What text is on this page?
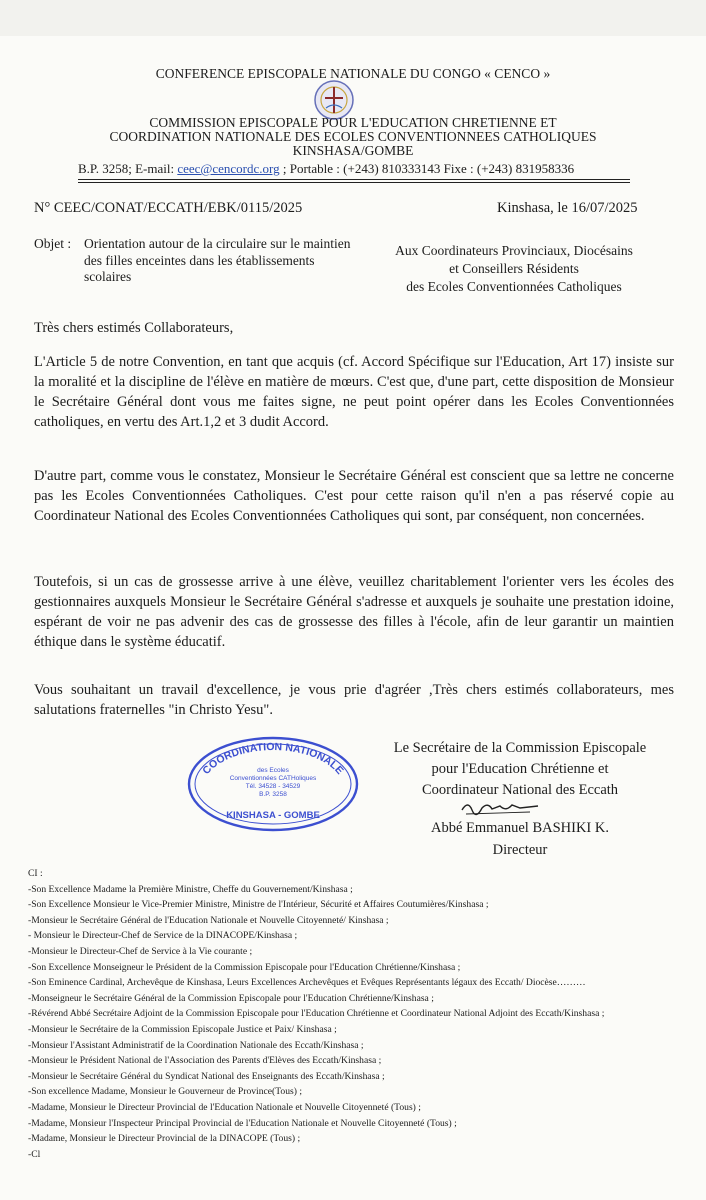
CONFERENCE EPISCOPALE NATIONALE DU CONGO « CENCO »
COMMISSION EPISCOPALE POUR L'EDUCATION CHRETIENNE ET
COORDINATION NATIONALE DES ECOLES CONVENTIONNEES CATHOLIQUES
KINSHASA/GOMBE
B.P. 3258; E-mail: ceec@cencordc.org ; Portable : (+243) 810333143 Fixe : (+243) 831958336
N° CEEC/CONAT/ECCATH/EBK/0115/2025	Kinshasa, le 16/07/2025
Objet : Orientation autour de la circulaire sur le maintien des filles enceintes dans les établissements scolaires
Aux Coordinateurs Provinciaux, Diocésains
et Conseillers Résidents
des Ecoles Conventionnées Catholiques
Très chers estimés Collaborateurs,
L'Article 5 de notre Convention, en tant que acquis (cf. Accord Spécifique sur l'Education, Art 17) insiste sur la moralité et la discipline de l'élève en matière de mœurs. C'est que, d'une part, cette disposition de Monsieur le Secrétaire Général dont vous me faites signe, ne peut point opérer dans les Ecoles Conventionnées catholiques, en vertu des Art.1,2 et 3 dudit Accord.
D'autre part, comme vous le constatez, Monsieur le Secrétaire Général est conscient que sa lettre ne concerne pas les Ecoles Conventionnées Catholiques. C'est pour cette raison qu'il n'en a pas réservé copie au Coordinateur National des Ecoles Conventionnées Catholiques qui sont, par conséquent, non concernées.
Toutefois, si un cas de grossesse arrive à une élève, veuillez charitablement l'orienter vers les écoles des gestionnaires auxquels Monsieur le Secrétaire Général s'adresse et auxquels je souhaite une prestation idoine, espérant de voir ne pas advenir des cas de grossesse des filles à l'école, afin de leur garantir un maintien éthique dans le système éducatif.
Vous souhaitant un travail d'excellence, je vous prie d'agréer ,Très chers estimés collaborateurs, mes salutations fraternelles "in Christo Yesu".
COORDINATION NATIONALE
des Ecoles
Conventionnées CATHoliques
Tél. 34528 - 34529
B.P. 3258
KINSHASA - GOMBE
Le Secrétaire de la Commission Episcopale
pour l'Education Chrétienne et
Coordinateur National des Eccath
Abbé Emmanuel BASHIKI K.
Directeur
CI :
-Son Excellence Madame la Première Ministre, Cheffe du Gouvernement/Kinshasa ;
-Son Excellence Monsieur le Vice-Premier Ministre, Ministre de l'Intérieur, Sécurité et Affaires Coutumières/Kinshasa ;
-Monsieur le Secrétaire Général de l'Education Nationale et Nouvelle Citoyenneté/ Kinshasa ;
- Monsieur le Directeur-Chef de Service de la DINACOPE/Kinshasa ;
-Monsieur le Directeur-Chef de Service à la Vie courante ;
-Son Excellence Monseigneur le Président de la Commission Episcopale pour l'Education Chrétienne/Kinshasa ;
-Son Eminence Cardinal, Archevêque de Kinshasa, Leurs Excellences Archevêques et Evêques Représentants légaux des Eccath/ Diocèse………
-Monseigneur le Secrétaire Général de la Commission Episcopale pour l'Education Chrétienne/Kinshasa ;
-Révérend Abbé Secrétaire Adjoint de la Commission Episcopale pour l'Education Chrétienne et Coordinateur National Adjoint des Eccath/Kinshasa ;
-Monsieur le Secrétaire de la Commission Episcopale Justice et Paix/ Kinshasa ;
-Monsieur l'Assistant Administratif de la Coordination Nationale des Eccath/Kinshasa ;
-Monsieur le Président National de l'Association des Parents d'Elèves des Eccath/Kinshasa ;
-Monsieur le Secrétaire Général du Syndicat National des Enseignants des Eccath/Kinshasa ;
-Son excellence Madame, Monsieur le Gouverneur de Province(Tous) ;
-Madame, Monsieur le Directeur Provincial de l'Education Nationale et Nouvelle Citoyenneté (Tous) ;
-Madame, Monsieur l'Inspecteur Principal Provincial de l'Education Nationale et Nouvelle Citoyenneté (Tous) ;
-Madame, Monsieur le Directeur Provincial de la DINACOPE (Tous) ;
-Cl
